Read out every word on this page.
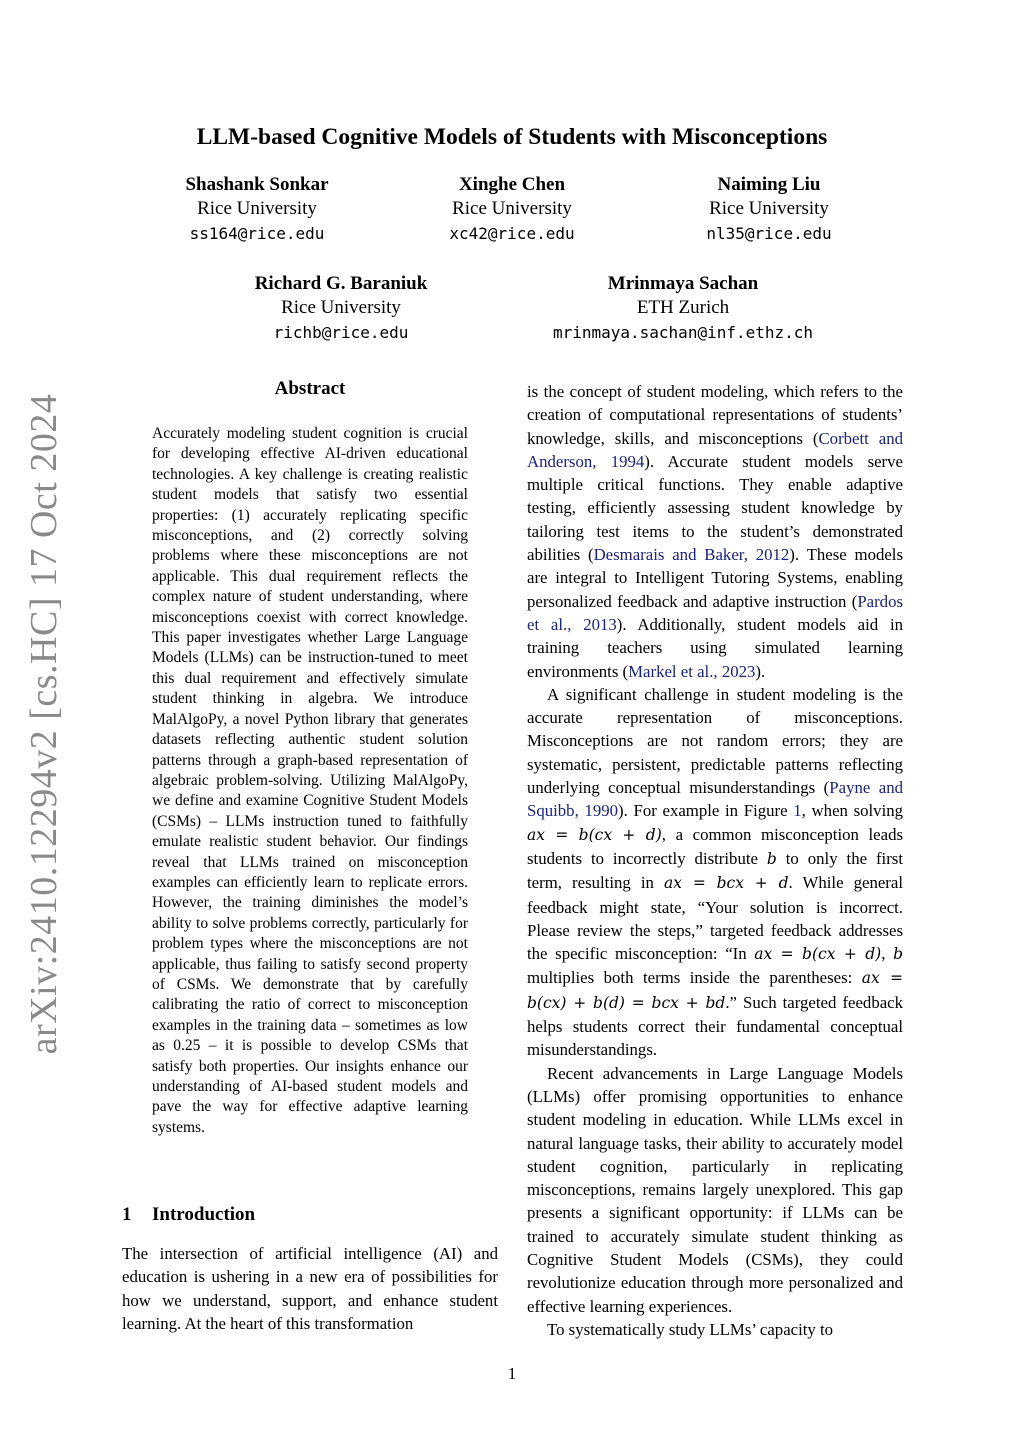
arXiv:2410.12294v2 [cs.HC] 17 Oct 2024
LLM-based Cognitive Models of Students with Misconceptions
Shashank Sonkar
Rice University
ss164@rice.edu
Xinghe Chen
Rice University
xc42@rice.edu
Naiming Liu
Rice University
nl35@rice.edu
Richard G. Baraniuk
Rice University
richb@rice.edu
Mrinmaya Sachan
ETH Zurich
mrinmaya.sachan@inf.ethz.ch
Abstract
Accurately modeling student cognition is crucial for developing effective AI-driven educational technologies. A key challenge is creating realistic student models that satisfy two essential properties: (1) accurately replicating specific misconceptions, and (2) correctly solving problems where these misconceptions are not applicable. This dual requirement reflects the complex nature of student understanding, where misconceptions coexist with correct knowledge. This paper investigates whether Large Language Models (LLMs) can be instruction-tuned to meet this dual requirement and effectively simulate student thinking in algebra. We introduce MalAlgoPy, a novel Python library that generates datasets reflecting authentic student solution patterns through a graph-based representation of algebraic problem-solving. Utilizing MalAlgoPy, we define and examine Cognitive Student Models (CSMs) – LLMs instruction tuned to faithfully emulate realistic student behavior. Our findings reveal that LLMs trained on misconception examples can efficiently learn to replicate errors. However, the training diminishes the model’s ability to solve problems correctly, particularly for problem types where the misconceptions are not applicable, thus failing to satisfy second property of CSMs. We demonstrate that by carefully calibrating the ratio of correct to misconception examples in the training data – sometimes as low as 0.25 – it is possible to develop CSMs that satisfy both properties. Our insights enhance our understanding of AI-based student models and pave the way for effective adaptive learning systems.
1 Introduction
The intersection of artificial intelligence (AI) and education is ushering in a new era of possibilities for how we understand, support, and enhance student learning. At the heart of this transformation

is the concept of student modeling, which refers to the creation of computational representations of students’ knowledge, skills, and misconceptions (Corbett and Anderson, 1994). Accurate student models serve multiple critical functions. They enable adaptive testing, efficiently assessing student knowledge by tailoring test items to the student’s demonstrated abilities (Desmarais and Baker, 2012). These models are integral to Intelligent Tutoring Systems, enabling personalized feedback and adaptive instruction (Pardos et al., 2013). Additionally, student models aid in training teachers using simulated learning environments (Markel et al., 2023).

A significant challenge in student modeling is the accurate representation of misconceptions. Misconceptions are not random errors; they are systematic, persistent, predictable patterns reflecting underlying conceptual misunderstandings (Payne and Squibb, 1990). For example in Figure 1, when solving ax = b(cx + d), a common misconception leads students to incorrectly distribute b to only the first term, resulting in ax = bcx + d. While general feedback might state, “Your solution is incorrect. Please review the steps,” targeted feedback addresses the specific misconception: “In ax = b(cx + d), b multiplies both terms inside the parentheses: ax = b(cx) + b(d) = bcx + bd.” Such targeted feedback helps students correct their fundamental conceptual misunderstandings.

Recent advancements in Large Language Models (LLMs) offer promising opportunities to enhance student modeling in education. While LLMs excel in natural language tasks, their ability to accurately model student cognition, particularly in replicating misconceptions, remains largely unexplored. This gap presents a significant opportunity: if LLMs can be trained to accurately simulate student thinking as Cognitive Student Models (CSMs), they could revolutionize education through more personalized and effective learning experiences.

To systematically study LLMs’ capacity to

1
